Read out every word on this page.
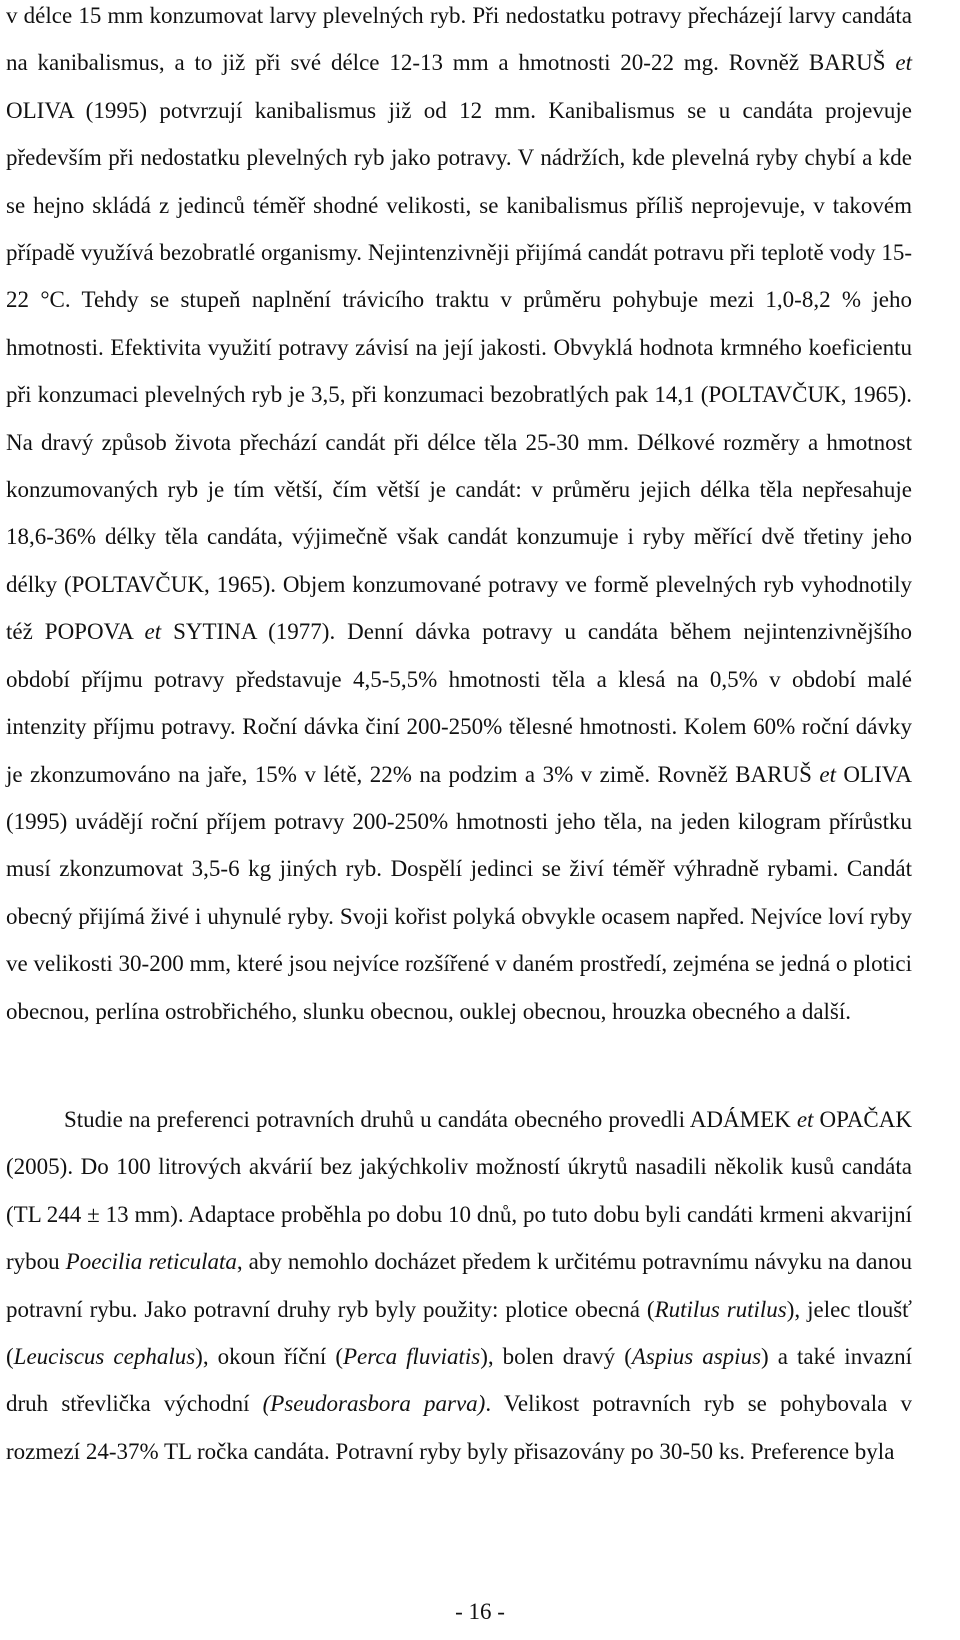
v délce 15 mm konzumovat larvy plevelných ryb. Při nedostatku potravy přecházejí larvy candáta na kanibalismus, a to již při své délce 12-13 mm a hmotnosti 20-22 mg. Rovněž BARUŠ et OLIVA (1995) potvrzují kanibalismus již od 12 mm. Kanibalismus se u candáta projevuje především při nedostatku plevelných ryb jako potravy. V nádržích, kde plevelná ryby chybí a kde se hejno skládá z jedinců téměř shodné velikosti, se kanibalismus příliš neprojevuje, v takovém případě využívá bezobratlé organismy. Nejintenzivněji přijímá candát potravu při teplotě vody 15-22 °C. Tehdy se stupeň naplnění trávicího traktu v průměru pohybuje mezi 1,0-8,2 % jeho hmotnosti. Efektivita využití potravy závisí na její jakosti. Obvyklá hodnota krmného koeficientu při konzumaci plevelných ryb je 3,5, při konzumaci bezobratlých pak 14,1 (POLTAVČUK, 1965). Na dravý způsob života přechází candát při délce těla 25-30 mm. Délkové rozměry a hmotnost konzumovaných ryb je tím větší, čím větší je candát: v průměru jejich délka těla nepřesahuje 18,6-36% délky těla candáta, výjimečně však candát konzumuje i ryby měřící dvě třetiny jeho délky (POLTAVČUK, 1965). Objem konzumované potravy ve formě plevelných ryb vyhodnotily též POPOVA et SYTINA (1977). Denní dávka potravy u candáta během nejintenzivnějšího období příjmu potravy představuje 4,5-5,5% hmotnosti těla a klesá na 0,5% v období malé intenzity příjmu potravy. Roční dávka činí 200-250% tělesné hmotnosti. Kolem 60% roční dávky je zkonzumováno na jaře, 15% v létě, 22% na podzim a 3% v zimě. Rovněž BARUŠ et OLIVA (1995) uvádějí roční příjem potravy 200-250% hmotnosti jeho těla, na jeden kilogram přírůstku musí zkonzumovat 3,5-6 kg jiných ryb. Dospělí jedinci se živí téměř výhradně rybami. Candát obecný přijímá živé i uhynulé ryby. Svoji kořist polyká obvykle ocasem napřed. Nejvíce loví ryby ve velikosti 30-200 mm, které jsou nejvíce rozšířené v daném prostředí, zejména se jedná o plotici obecnou, perlína ostrobřichého, slunku obecnou, ouklej obecnou, hrouzka obecného a další.

Studie na preferenci potravních druhů u candáta obecného provedli ADÁMEK et OPAČAK (2005). Do 100 litrových akvárií bez jakýchkoliv možností úkrytů nasadili několik kusů candáta (TL 244 ± 13 mm). Adaptace proběhla po dobu 10 dnů, po tuto dobu byli candáti krmeni akvarijní rybou Poecilia reticulata, aby nemohlo docházet předem k určitému potravnímu návyku na danou potravní rybu. Jako potravní druhy ryb byly použity: plotice obecná (Rutilus rutilus), jelec tloušť (Leuciscus cephalus), okoun říční (Perca fluviatis), bolen dravý (Aspius aspius) a také invazní druh střevlička východní (Pseudorasbora parva). Velikost potravních ryb se pohybovala v rozmezí 24-37% TL ročka candáta. Potravní ryby byly přisazovány po 30-50 ks. Preference byla

- 16 -
